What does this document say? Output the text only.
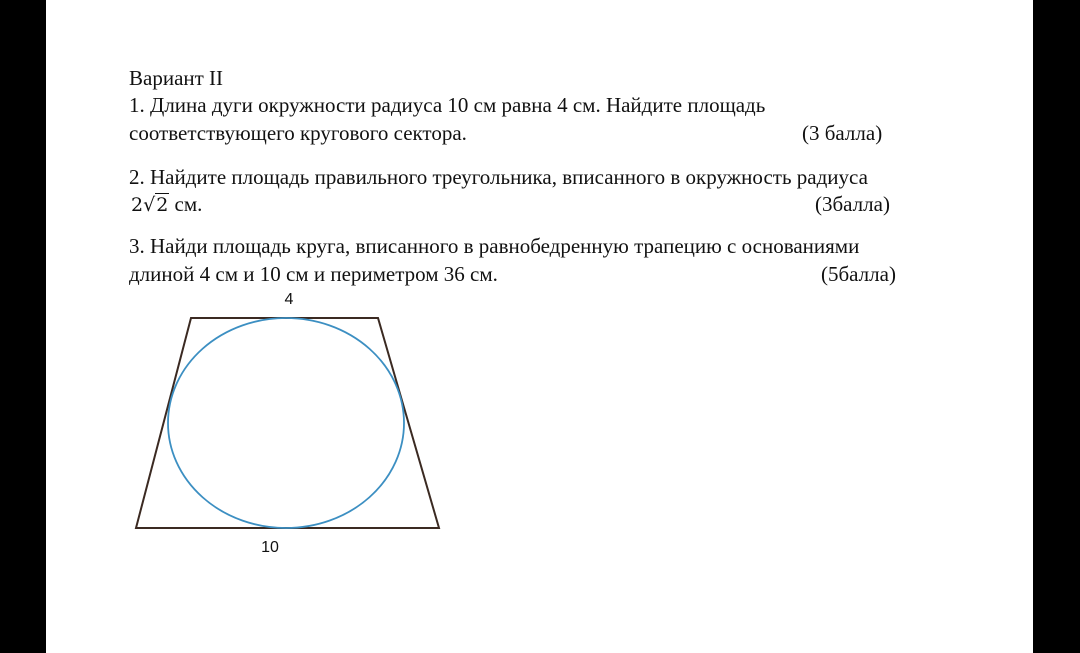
Вариант II
1. Длина дуги окружности радиуса 10 см равна 4 см. Найдите площадь
соответствующего кругового сектора.	(3 балла)
2. Найдите площадь правильного треугольника, вписанного в окружность радиуса
2√2 см.	(3балла)
3. Найди площадь круга, вписанного в равнобедренную трапецию с основаниями
длиной 4 см и 10 см и периметром 36 см.	(5балла)
4
10
